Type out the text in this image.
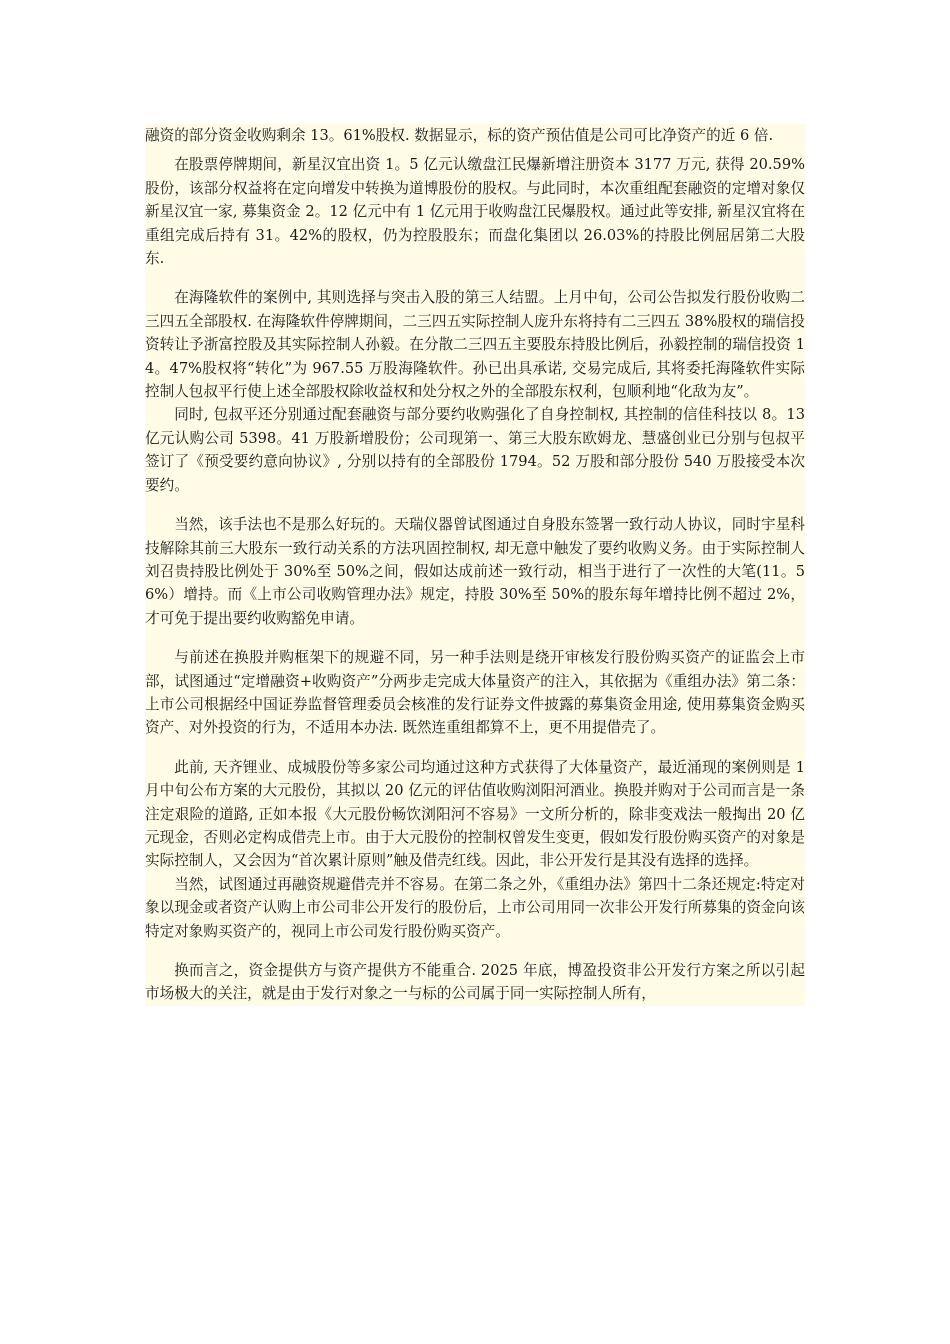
融资的部分资金收购剩余 13。61%股权. 数据显示，标的资产预估值是公司可比净资产的近 6 倍.

在股票停牌期间，新星汉宜出资 1。5 亿元认缴盘江民爆新增注册资本 3177 万元, 获得 20.59%股份，该部分权益将在定向增发中转换为道博股份的股权。与此同时，本次重组配套融资的定增对象仅新星汉宜一家, 募集资金 2。12 亿元中有 1 亿元用于收购盘江民爆股权。通过此等安排, 新星汉宜将在重组完成后持有 31。42%的股权，仍为控股股东；而盘化集团以 26.03%的持股比例屈居第二大股东.

在海隆软件的案例中, 其则选择与突击入股的第三人结盟。上月中旬，公司公告拟发行股份收购二三四五全部股权. 在海隆软件停牌期间，二三四五实际控制人庞升东将持有二三四五 38%股权的瑞信投资转让予浙富控股及其实际控制人孙毅。在分散二三四五主要股东持股比例后，孙毅控制的瑞信投资 14。47%股权将“转化”为 967.55 万股海隆软件。孙已出具承诺, 交易完成后, 其将委托海隆软件实际控制人包叔平行使上述全部股权除收益权和处分权之外的全部股东权利，包顺利地“化敌为友”。

同时, 包叔平还分别通过配套融资与部分要约收购强化了自身控制权, 其控制的信佳科技以 8。13 亿元认购公司 5398。41 万股新增股份；公司现第一、第三大股东欧姆龙、慧盛创业已分别与包叔平签订了《预受要约意向协议》, 分别以持有的全部股份 1794。52 万股和部分股份 540 万股接受本次要约。

当然，该手法也不是那么好玩的。天瑞仪器曾试图通过自身股东签署一致行动人协议，同时宇星科技解除其前三大股东一致行动关系的方法巩固控制权, 却无意中触发了要约收购义务。由于实际控制人刘召贵持股比例处于 30%至 50%之间，假如达成前述一致行动，相当于进行了一次性的大笔(11。56%）增持。而《上市公司收购管理办法》规定，持股 30%至 50%的股东每年增持比例不超过 2%，才可免于提出要约收购豁免申请。

与前述在换股并购框架下的规避不同，另一种手法则是绕开审核发行股份购买资产的证监会上市部，试图通过“定增融资+收购资产”分两步走完成大体量资产的注入，其依据为《重组办法》第二条：上市公司根据经中国证券监督管理委员会核准的发行证券文件披露的募集资金用途, 使用募集资金购买资产、对外投资的行为，不适用本办法. 既然连重组都算不上，更不用提借壳了。

此前, 天齐锂业、成城股份等多家公司均通过这种方式获得了大体量资产，最近涌现的案例则是 1 月中旬公布方案的大元股份，其拟以 20 亿元的评估值收购浏阳河酒业。换股并购对于公司而言是一条注定艰险的道路, 正如本报《大元股份畅饮浏阳河不容易》一文所分析的，除非变戏法一般掏出 20 亿元现金，否则必定构成借壳上市。由于大元股份的控制权曾发生变更，假如发行股份购买资产的对象是实际控制人，又会因为“首次累计原则”触及借壳红线。因此，非公开发行是其没有选择的选择。

当然，试图通过再融资规避借壳并不容易。在第二条之外，《重组办法》第四十二条还规定:特定对象以现金或者资产认购上市公司非公开发行的股份后，上市公司用同一次非公开发行所募集的资金向该特定对象购买资产的，视同上市公司发行股份购买资产。

换而言之，资金提供方与资产提供方不能重合. 2025 年底，博盈投资非公开发行方案之所以引起市场极大的关注，就是由于发行对象之一与标的公司属于同一实际控制人所有，
